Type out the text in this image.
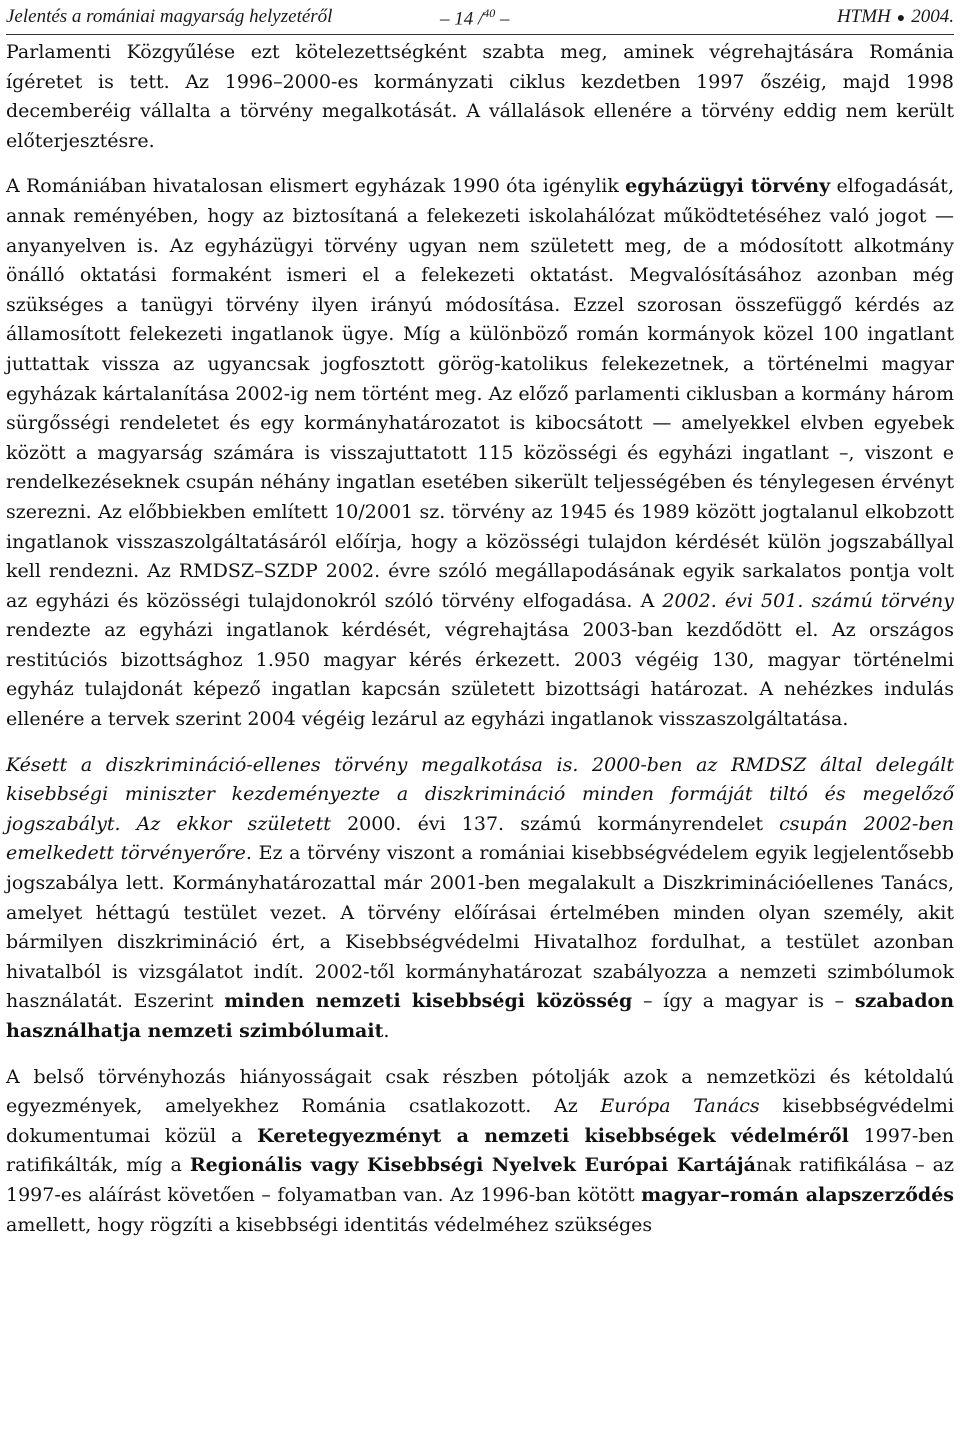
Jelentés a romániai magyarság helyzetéről	– 14 /$^{40}$ –	HTMH ● 2004.

Parlamenti Közgyűlése ezt kötelezettségként szabta meg, aminek végrehajtására Románia ígéretet is tett. Az 1996–2000-es kormányzati ciklus kezdetben 1997 őszéig, majd 1998 decemberéig vállalta a törvény megalkotását. A vállalások ellenére a törvény eddig nem került előterjesztésre.

A Romániában hivatalosan elismert egyházak 1990 óta igénylik egyházügyi törvény elfogadását, annak reményében, hogy az biztosítaná a felekezeti iskolahálózat működtetéséhez való jogot — anyanyelven is. Az egyházügyi törvény ugyan nem született meg, de a módosított alkotmány önálló oktatási formaként ismeri el a felekezeti oktatást. Megvalósításához azonban még szükséges a tanügyi törvény ilyen irányú módosítása. Ezzel szorosan összefüggő kérdés az államosított felekezeti ingatlanok ügye. Míg a különböző román kormányok közel 100 ingatlant juttattak vissza az ugyancsak jogfosztott görög-katolikus felekezetnek, a történelmi magyar egyházak kártalanítása 2002-ig nem történt meg. Az előző parlamenti ciklusban a kormány három sürgősségi rendeletet és egy kormányhatározatot is kibocsátott — amelyekkel elvben egyebek között a magyarság számára is visszajuttatott 115 közösségi és egyházi ingatlant –, viszont e rendelkezéseknek csupán néhány ingatlan esetében sikerült teljességében és ténylegesen érvényt szerezni. Az előbbiekben említett 10/2001 sz. törvény az 1945 és 1989 között jogtalanul elkobzott ingatlanok visszaszolgáltatásáról előírja, hogy a közösségi tulajdon kérdését külön jogszabállyal kell rendezni. Az RMDSZ–SZDP 2002. évre szóló megállapodásának egyik sarkalatos pontja volt az egyházi és közösségi tulajdonokról szóló törvény elfogadása. A 2002. évi 501. számú törvény rendezte az egyházi ingatlanok kérdését, végrehajtása 2003-ban kezdődött el. Az országos restitúciós bizottsághoz 1.950 magyar kérés érkezett. 2003 végéig 130, magyar történelmi egyház tulajdonát képező ingatlan kapcsán született bizottsági határozat. A nehézkes indulás ellenére a tervek szerint 2004 végéig lezárul az egyházi ingatlanok visszaszolgáltatása.

Késett a diszkrimináció-ellenes törvény megalkotása is. 2000-ben az RMDSZ által delegált kisebbségi miniszter kezdeményezte a diszkrimináció minden formáját tiltó és megelőző jogszabályt. Az ekkor született 2000. évi 137. számú kormányrendelet csupán 2002-ben emelkedett törvényerőre. Ez a törvény viszont a romániai kisebbségvédelem egyik legjelentősebb jogszabálya lett. Kormányhatározattal már 2001-ben megalakult a Diszkriminációellenes Tanács, amelyet héttagú testület vezet. A törvény előírásai értelmében minden olyan személy, akit bármilyen diszkrimináció ért, a Kisebbségvédelmi Hivatalhoz fordulhat, a testület azonban hivatalból is vizsgálatot indít. 2002-től kormányhatározat szabályozza a nemzeti szimbólumok használatát. Eszerint minden nemzeti kisebbségi közösség – így a magyar is – szabadon használhatja nemzeti szimbólumait.

A belső törvényhozás hiányosságait csak részben pótolják azok a nemzetközi és kétoldalú egyezmények, amelyekhez Románia csatlakozott. Az Európa Tanács kisebbségvédelmi dokumentumai közül a Keretegyezményt a nemzeti kisebbségek védelméről 1997-ben ratifikálták, míg a Regionális vagy Kisebbségi Nyelvek Európai Kartájának ratifikálása – az 1997-es aláírást követően – folyamatban van. Az 1996-ban kötött magyar–román alapszerződés amellett, hogy rögzíti a kisebbségi identitás védelméhez szükséges
